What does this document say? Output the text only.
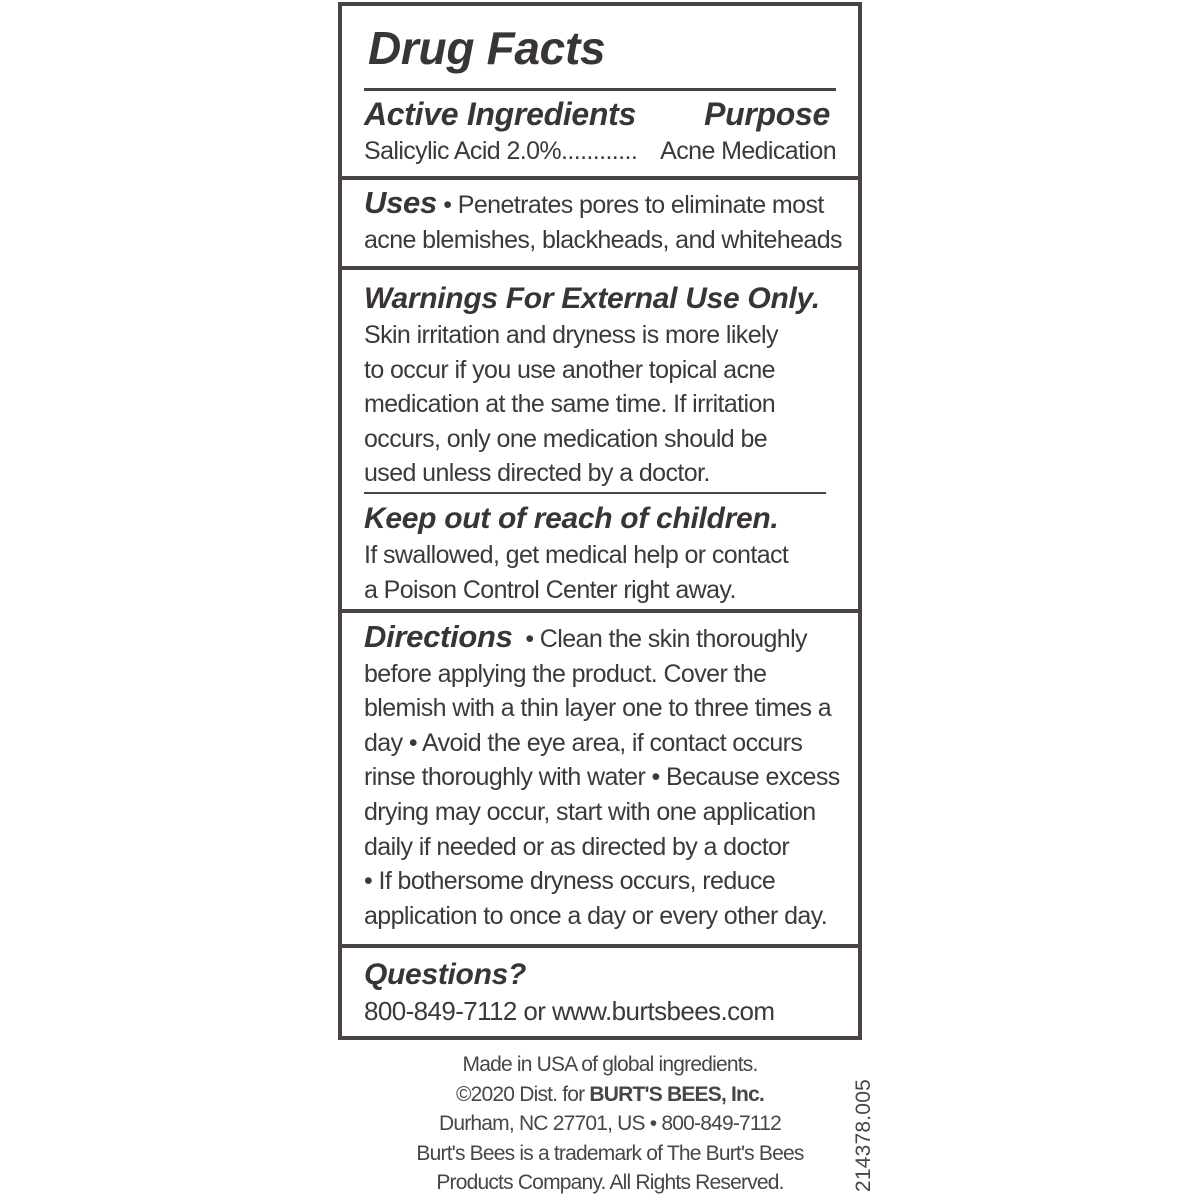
Drug Facts
Active Ingredients Purpose
Salicylic Acid 2.0%............ Acne Medication
Uses • Penetrates pores to eliminate most
acne blemishes, blackheads, and whiteheads
Warnings For External Use Only.
Skin irritation and dryness is more likely
to occur if you use another topical acne
medication at the same time. If irritation
occurs, only one medication should be
used unless directed by a doctor.
Keep out of reach of children.
If swallowed, get medical help or contact
a Poison Control Center right away.
Directions • Clean the skin thoroughly
before applying the product. Cover the
blemish with a thin layer one to three times a
day • Avoid the eye area, if contact occurs
rinse thoroughly with water • Because excess
drying may occur, start with one application
daily if needed or as directed by a doctor
• If bothersome dryness occurs, reduce
application to once a day or every other day.
Questions?
800-849-7112 or www.burtsbees.com
Made in USA of global ingredients.
©2020 Dist. for BURT'S BEES, Inc.
Durham, NC 27701, US • 800-849-7112
Burt's Bees is a trademark of The Burt's Bees
Products Company. All Rights Reserved.	214378.005
